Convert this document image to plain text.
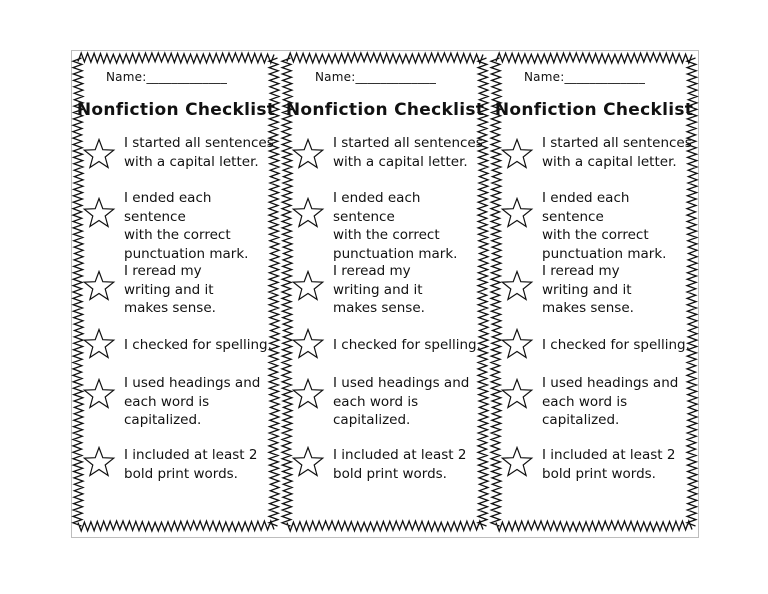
Name:_____________
Nonfiction Checklist
I started all sentences
with a capital letter.
I ended each sentence
with the correct
punctuation mark.
I reread my
writing and it
makes sense.
I checked for spelling.
I used headings and
each word is
capitalized.
I included at least 2
bold print words.
Name:_____________
Nonfiction Checklist
I started all sentences
with a capital letter.
I ended each sentence
with the correct
punctuation mark.
I reread my
writing and it
makes sense.
I checked for spelling.
I used headings and
each word is
capitalized.
I included at least 2
bold print words.
Name:_____________
Nonfiction Checklist
I started all sentences
with a capital letter.
I ended each sentence
with the correct
punctuation mark.
I reread my
writing and it
makes sense.
I checked for spelling.
I used headings and
each word is
capitalized.
I included at least 2
bold print words.
